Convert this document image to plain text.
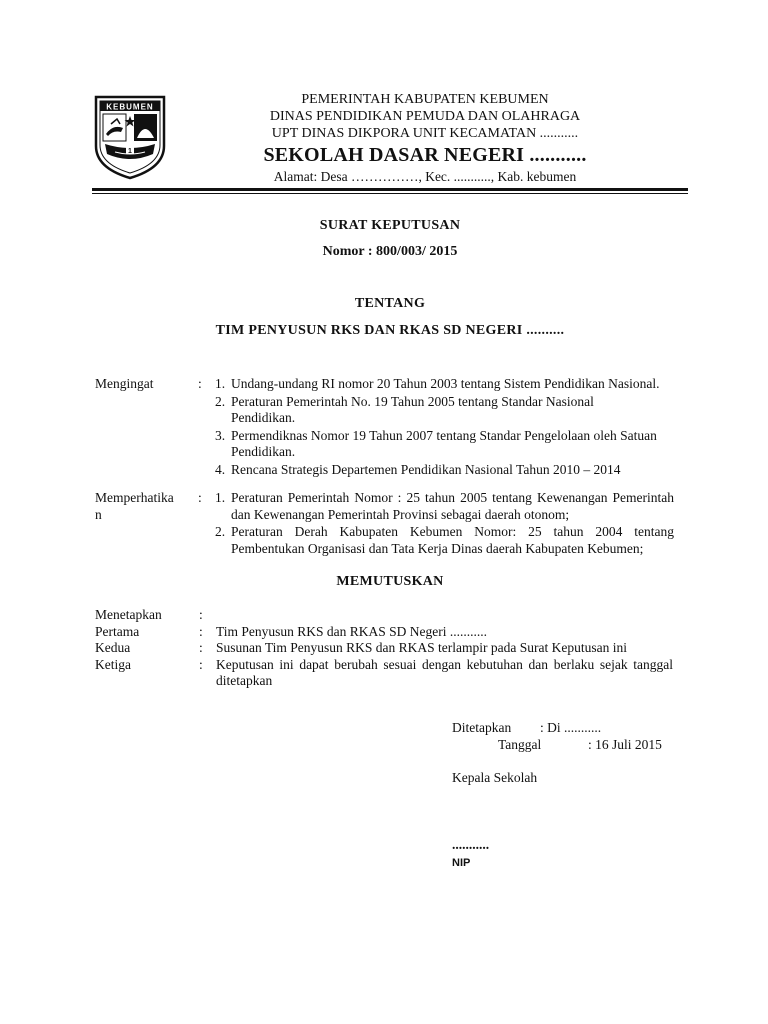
KEBUMEN
1
PEMERINTAH KABUPATEN KEBUMEN
DINAS PENDIDIKAN PEMUDA DAN OLAHRAGA
UPT DINAS DIKPORA UNIT KECAMATAN ...........
SEKOLAH DASAR NEGERI ...........
Alamat: Desa ……………, Kec. ..........., Kab. kebumen
SURAT KEPUTUSAN
Nomor : 800/003/ 2015
TENTANG
TIM PENYUSUN RKS DAN RKAS SD NEGERI ..........
Mengingat	: 1. Undang-undang RI nomor 20 Tahun 2003 tentang Sistem Pendidikan Nasional.
2. Peraturan Pemerintah No. 19 Tahun 2005 tentang Standar Nasional Pendidikan.
3. Permendiknas Nomor 19 Tahun 2007 tentang Standar Pengelolaan oleh Satuan Pendidikan.
4. Rencana Strategis Departemen Pendidikan Nasional Tahun 2010 – 2014
Memperhatika
n
: 1. Peraturan Pemerintah Nomor : 25 tahun 2005 tentang Kewenangan Pemerintah dan Kewenangan Pemerintah Provinsi sebagai daerah otonom;
2. Peraturan Derah Kabupaten Kebumen Nomor: 25 tahun 2004 tentang Pembentukan Organisasi dan Tata Kerja Dinas daerah Kabupaten Kebumen;
MEMUTUSKAN
Menetapkan	:
Pertama	: Tim Penyusun RKS dan RKAS SD Negeri ...........
Kedua	: Susunan Tim Penyusun RKS dan RKAS terlampir pada Surat Keputusan ini
Ketiga	: Keputusan ini dapat berubah sesuai dengan kebutuhan dan berlaku sejak tanggal ditetapkan
Ditetapkan : Di ...........
Tanggal	: 16 Juli 2015
Kepala Sekolah
...........
NIP
